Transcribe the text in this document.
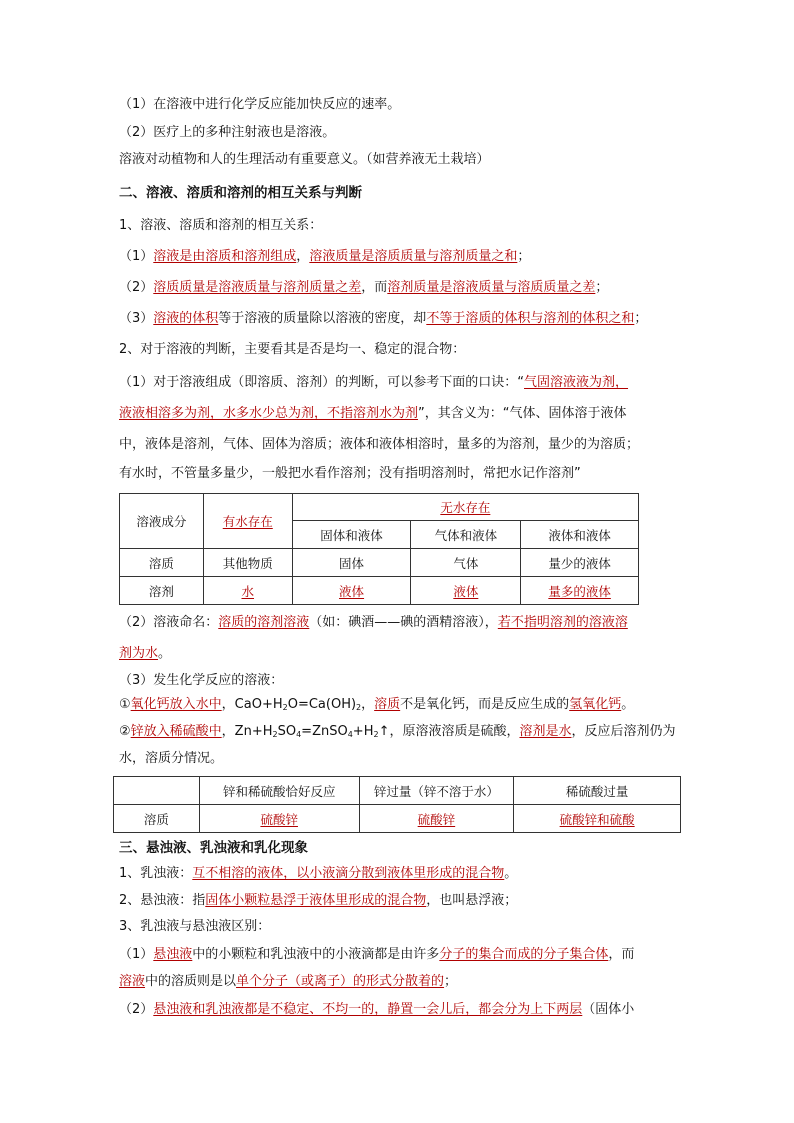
（1）在溶液中进行化学反应能加快反应的速率。
（2）医疗上的多种注射液也是溶液。
溶液对动植物和人的生理活动有重要意义。（如营养液无土栽培）
二、溶液、溶质和溶剂的相互关系与判断
1、溶液、溶质和溶剂的相互关系：
（1）溶液是由溶质和溶剂组成，溶液质量是溶质质量与溶剂质量之和；
（2）溶质质量是溶液质量与溶剂质量之差，而溶剂质量是溶液质量与溶质质量之差；
（3）溶液的体积等于溶液的质量除以溶液的密度，却不等于溶质的体积与溶剂的体积之和；
2、对于溶液的判断，主要看其是否是均一、稳定的混合物：
（1）对于溶液组成（即溶质、溶剂）的判断，可以参考下面的口诀：“气固溶液液为剂，
液液相溶多为剂，水多水少总为剂，不指溶剂水为剂”，其含义为：“气体、固体溶于液体
中，液体是溶剂，气体、固体为溶质；液体和液体相溶时，量多的为溶剂，量少的为溶质；
有水时，不管量多量少，一般把水看作溶剂；没有指明溶剂时，常把水记作溶剂”
溶液成分	有水存在	无水存在		
		固体和液体	气体和液体	液体和液体
溶质	其他物质	固体	气体	量少的液体
溶剂	水	液体	液体	量多的液体
（2）溶液命名：溶质的溶剂溶液（如：碘酒——碘的酒精溶液），若不指明溶剂的溶液溶
剂为水。
（3）发生化学反应的溶液：
①氧化钙放入水中，$CaO+H_2O=Ca(OH)_2$，溶质不是氧化钙，而是反应生成的氢氧化钙。
②锌放入稀硫酸中，$Zn+H_2SO_4=ZnSO_4+H_2↑$，原溶液溶质是硫酸，溶剂是水，反应后溶剂仍为
水，溶质分情况。
	锌和稀硫酸恰好反应	锌过量（锌不溶于水）	稀硫酸过量
溶质	硫酸锌	硫酸锌	硫酸锌和硫酸
三、悬浊液、乳浊液和乳化现象
1、乳浊液：互不相溶的液体，以小液滴分散到液体里形成的混合物。
2、悬浊液：指固体小颗粒悬浮于液体里形成的混合物，也叫悬浮液；
3、乳浊液与悬浊液区别：
（1）悬浊液中的小颗粒和乳浊液中的小液滴都是由许多分子的集合而成的分子集合体，而
溶液中的溶质则是以单个分子（或离子）的形式分散着的；
（2）悬浊液和乳浊液都是不稳定、不均一的，静置一会儿后，都会分为上下两层（固体小
